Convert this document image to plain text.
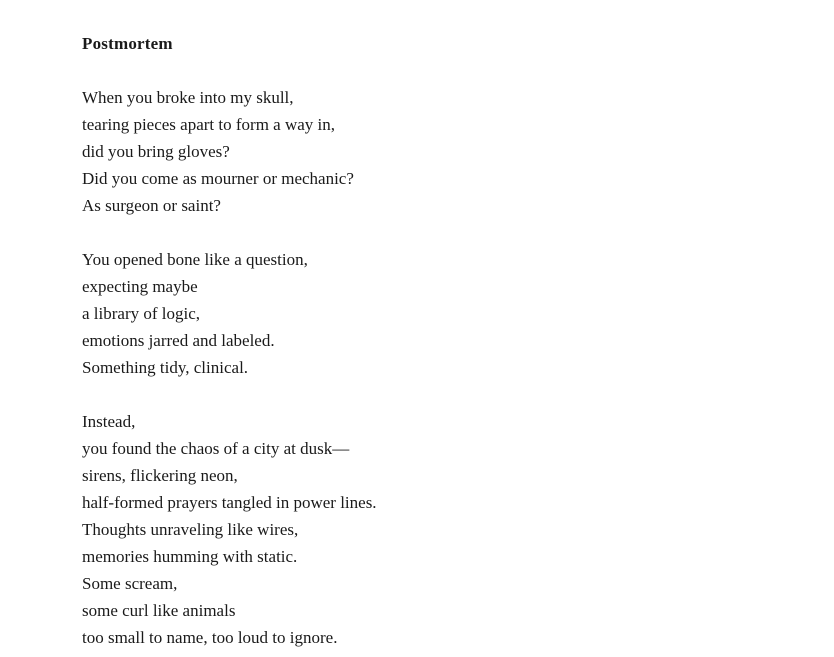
Postmortem
When you broke into my skull,
tearing pieces apart to form a way in,
did you bring gloves?
Did you come as mourner or mechanic?
As surgeon or saint?
You opened bone like a question,
expecting maybe
a library of logic,
emotions jarred and labeled.
Something tidy, clinical.
Instead,
you found the chaos of a city at dusk—
sirens, flickering neon,
half-formed prayers tangled in power lines.
Thoughts unraveling like wires,
memories humming with static.
Some scream,
some curl like animals
too small to name, too loud to ignore.
